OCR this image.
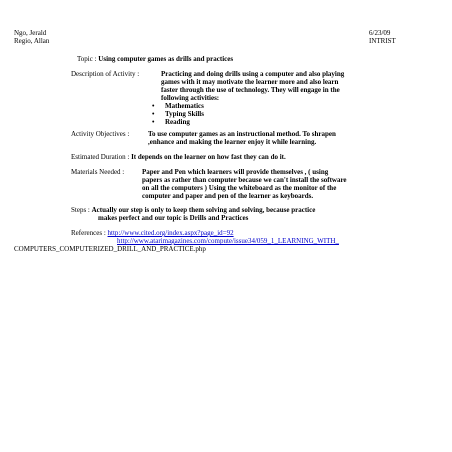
Ngo, Jerald
Regio, Allan
6/23/09
INTRIST
Topic : Using computer games as drills and practices
Description of Activity :	Practicing and doing drills using a computer and also playing
games with it may motivate the learner more and also learn
faster through the use of technology. They will engage in the
following activities:
• Mathematics
• Typing Skills
• Reading
Activity Objectives :	To use computer games as an instructional method. To shrapen
,enhance and making the learner enjoy it while learning.
Estimated Duration : It depends on the learner on how fast they can do it.
Materials Needed :	Paper and Pen which learners will provide themselves , ( using
papers as rather than computer because we can't install the software
on all the computers ) Using the whiteboard as the monitor of the
computer and paper and pen of the learner as keyboards.
Steps : Actually our step is only to keep them solving and solving, because practice
makes perfect and our topic is Drills and Practices
References : http://www.cited.org/index.aspx?page_id=92
http://www.atarimagazines.com/compute/issue34/059_1_LEARNING_WITH_
COMPUTERS_COMPUTERIZED_DRILL_AND_PRACTICE.php
